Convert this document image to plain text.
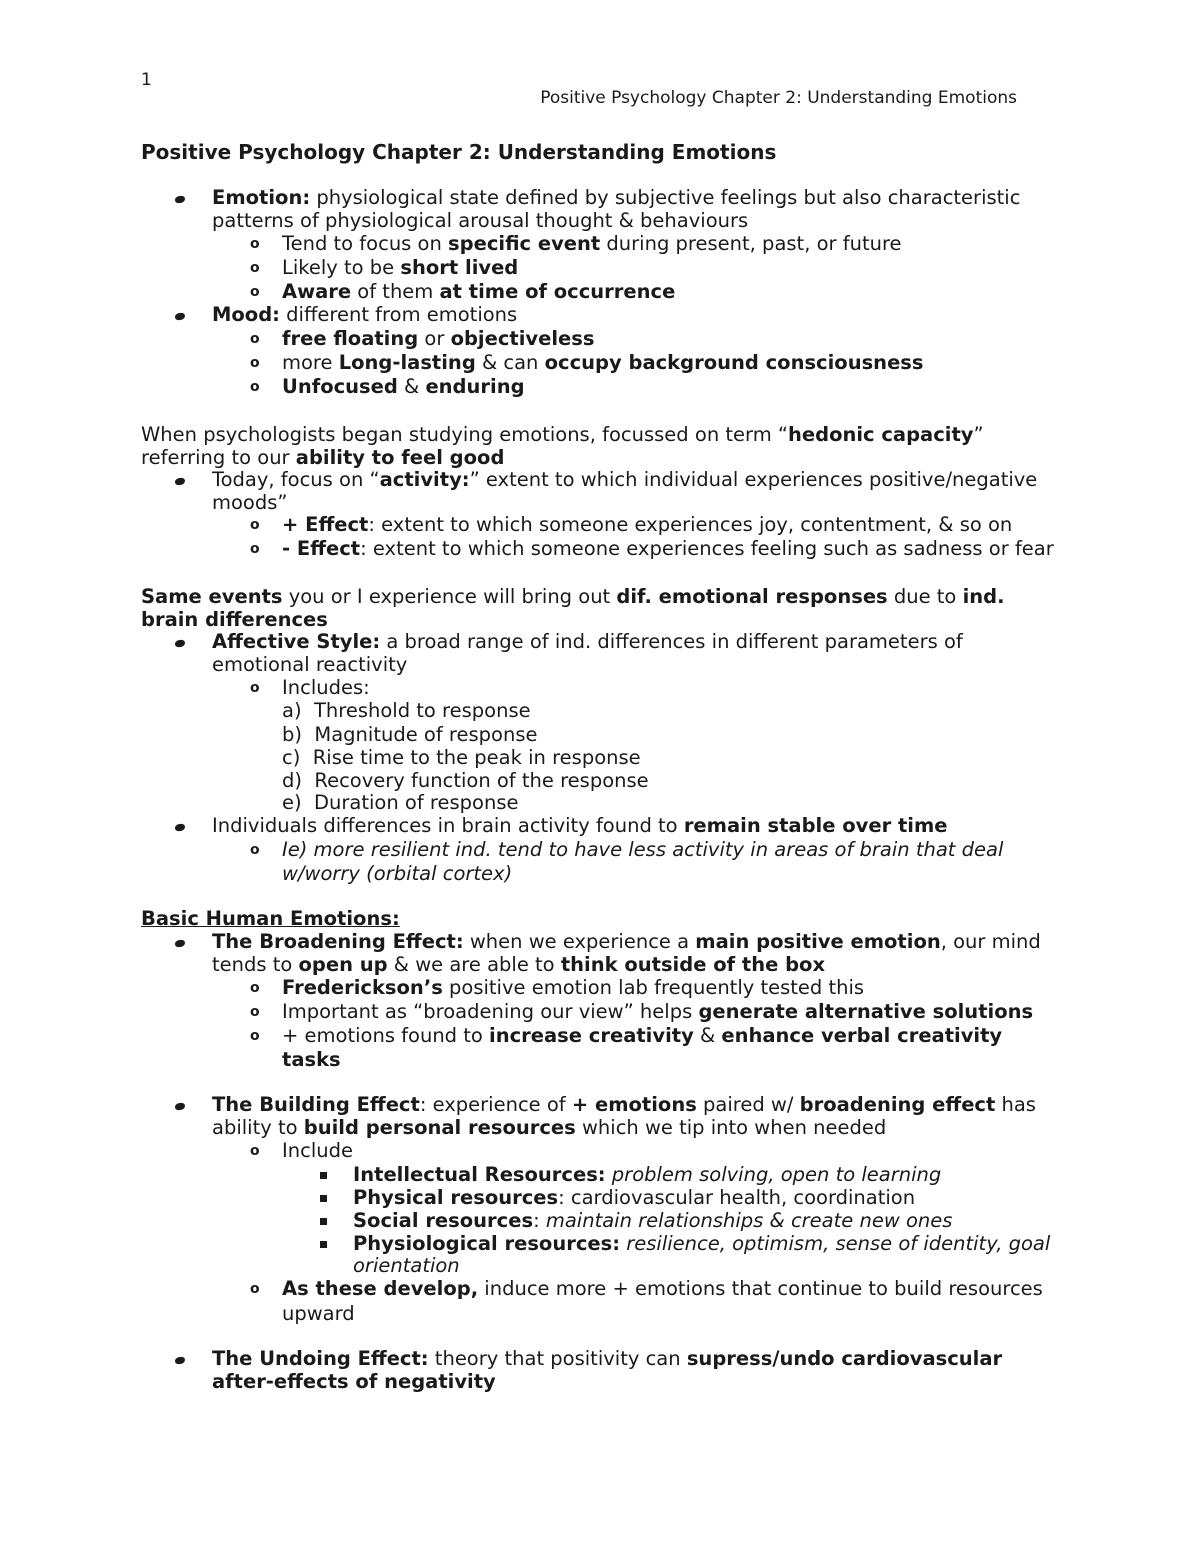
1
Positive Psychology Chapter 2: Understanding Emotions
Positive Psychology Chapter 2: Understanding Emotions
Emotion: physiological state defined by subjective feelings but also characteristic
patterns of physiological arousal thought & behaviours
o Tend to focus on specific event during present, past, or future
o Likely to be short lived
o Aware of them at time of occurrence
Mood: different from emotions
o free floating or objectiveless
o more Long-lasting & can occupy background consciousness
o Unfocused & enduring
When psychologists began studying emotions, focussed on term “hedonic capacity”
referring to our ability to feel good
Today, focus on “activity:” extent to which individual experiences positive/negative
moods”
o + Effect: extent to which someone experiences joy, contentment, & so on
o - Effect: extent to which someone experiences feeling such as sadness or fear
Same events you or I experience will bring out dif. emotional responses due to ind.
brain differences
Affective Style: a broad range of ind. differences in different parameters of
emotional reactivity
o Includes:
a) Threshold to response
b) Magnitude of response
c) Rise time to the peak in response
d) Recovery function of the response
e) Duration of response
Individuals differences in brain activity found to remain stable over time
o Ie) more resilient ind. tend to have less activity in areas of brain that deal
w/worry (orbital cortex)
Basic Human Emotions:
The Broadening Effect: when we experience a main positive emotion, our mind
tends to open up & we are able to think outside of the box
o Frederickson’s positive emotion lab frequently tested this
o Important as “broadening our view” helps generate alternative solutions
o + emotions found to increase creativity & enhance verbal creativity
tasks
The Building Effect: experience of + emotions paired w/ broadening effect has
ability to build personal resources which we tip into when needed
o Include
Intellectual Resources: problem solving, open to learning
Physical resources: cardiovascular health, coordination
Social resources: maintain relationships & create new ones
Physiological resources: resilience, optimism, sense of identity, goal
orientation
o As these develop, induce more + emotions that continue to build resources
upward
The Undoing Effect: theory that positivity can supress/undo cardiovascular
after-effects of negativity
